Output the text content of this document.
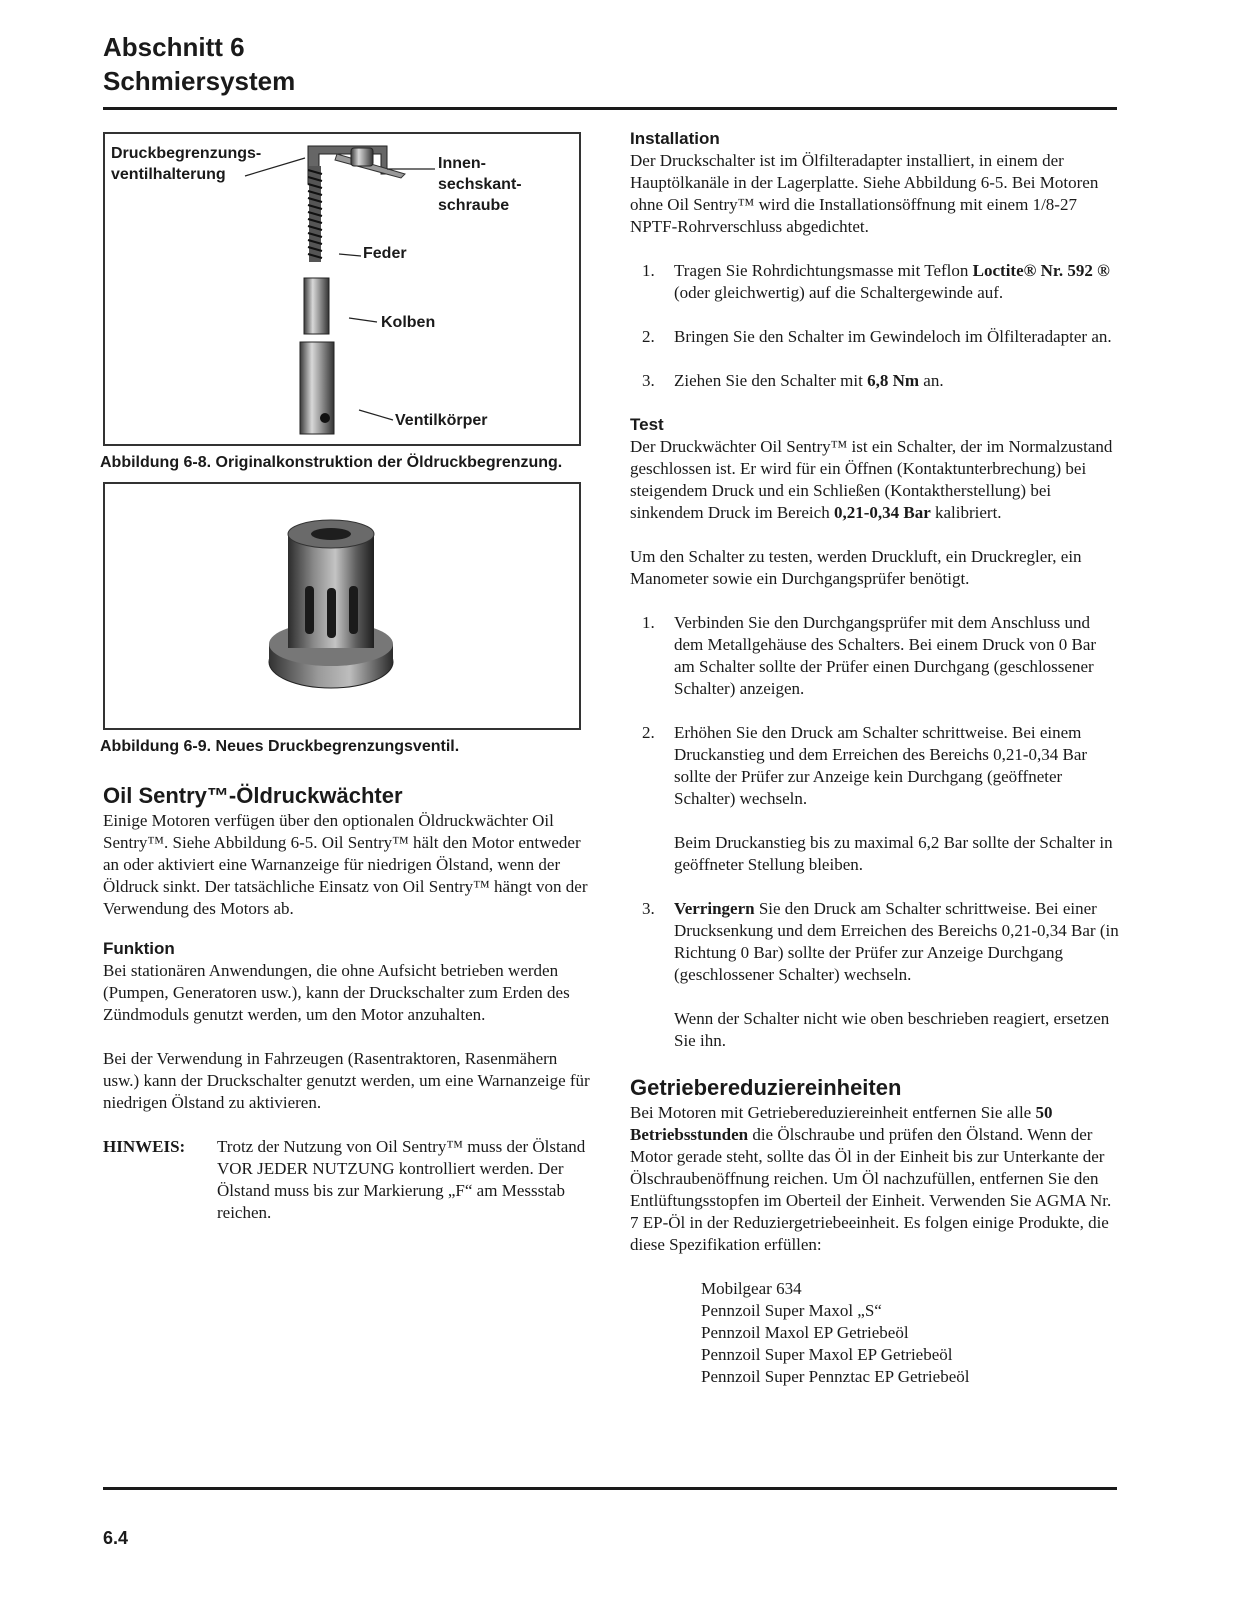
Abschnitt 6
Schmiersystem
Druckbegrenzungs-
ventilhalterung
Innen-
sechskant-
schraube
Feder
Kolben
Ventilkörper
Abbildung 6-8. Originalkonstruktion der Öldruckbegrenzung.
Abbildung 6-9. Neues Druckbegrenzungsventil.
Oil Sentry™-Öldruckwächter
Einige Motoren verfügen über den optionalen Öldruckwächter Oil Sentry™. Siehe Abbildung 6-5. Oil Sentry™ hält den Motor entweder an oder aktiviert eine Warnanzeige für niedrigen Ölstand, wenn der Öldruck sinkt. Der tatsächliche Einsatz von Oil Sentry™ hängt von der Verwendung des Motors ab.
Funktion
Bei stationären Anwendungen, die ohne Aufsicht betrieben werden (Pumpen, Generatoren usw.), kann der Druckschalter zum Erden des Zündmoduls genutzt werden, um den Motor anzuhalten.
Bei der Verwendung in Fahrzeugen (Rasentraktoren, Rasenmähern usw.) kann der Druckschalter genutzt werden, um eine Warnanzeige für niedrigen Ölstand zu aktivieren.
HINWEIS:	Trotz der Nutzung von Oil Sentry™ muss der Ölstand VOR JEDER NUTZUNG kontrolliert werden. Der Ölstand muss bis zur Markierung „F“ am Messstab reichen.
Installation
Der Druckschalter ist im Ölfilteradapter installiert, in einem der Hauptölkanäle in der Lagerplatte. Siehe Abbildung 6-5. Bei Motoren ohne Oil Sentry™ wird die Installationsöffnung mit einem 1/8-27 NPTF-Rohrverschluss abgedichtet.
1.	Tragen Sie Rohrdichtungsmasse mit Teflon Loctite® Nr. 592 ® (oder gleichwertig) auf die Schaltergewinde auf.
2.	Bringen Sie den Schalter im Gewindeloch im Ölfilteradapter an.
3.	Ziehen Sie den Schalter mit 6,8 Nm an.
Test
Der Druckwächter Oil Sentry™ ist ein Schalter, der im Normalzustand geschlossen ist. Er wird für ein Öffnen (Kontaktunterbrechung) bei steigendem Druck und ein Schließen (Kontaktherstellung) bei sinkendem Druck im Bereich 0,21-0,34 Bar kalibriert.
Um den Schalter zu testen, werden Druckluft, ein Druckregler, ein Manometer sowie ein Durchgangsprüfer benötigt.
1.	Verbinden Sie den Durchgangsprüfer mit dem Anschluss und dem Metallgehäuse des Schalters. Bei einem Druck von 0 Bar am Schalter sollte der Prüfer einen Durchgang (geschlossener Schalter) anzeigen.
2.	Erhöhen Sie den Druck am Schalter schrittweise. Bei einem Druckanstieg und dem Erreichen des Bereichs 0,21-0,34 Bar sollte der Prüfer zur Anzeige kein Durchgang (geöffneter Schalter) wechseln.
Beim Druckanstieg bis zu maximal 6,2 Bar sollte der Schalter in geöffneter Stellung bleiben.
3.	Verringern Sie den Druck am Schalter schrittweise. Bei einer Drucksenkung und dem Erreichen des Bereichs 0,21-0,34 Bar (in Richtung 0 Bar) sollte der Prüfer zur Anzeige Durchgang (geschlossener Schalter) wechseln.
Wenn der Schalter nicht wie oben beschrieben reagiert, ersetzen Sie ihn.
Getriebereduziereinheiten
Bei Motoren mit Getriebereduziereinheit entfernen Sie alle 50 Betriebsstunden die Ölschraube und prüfen den Ölstand. Wenn der Motor gerade steht, sollte das Öl in der Einheit bis zur Unterkante der Ölschraubenöffnung reichen. Um Öl nachzufüllen, entfernen Sie den Entlüftungsstopfen im Oberteil der Einheit. Verwenden Sie AGMA Nr. 7 EP-Öl in der Reduziergetriebeeinheit. Es folgen einige Produkte, die diese Spezifikation erfüllen:
Mobilgear 634
Pennzoil Super Maxol „S“
Pennzoil Maxol EP Getriebeöl
Pennzoil Super Maxol EP Getriebeöl
Pennzoil Super Pennztac EP Getriebeöl
6.4
